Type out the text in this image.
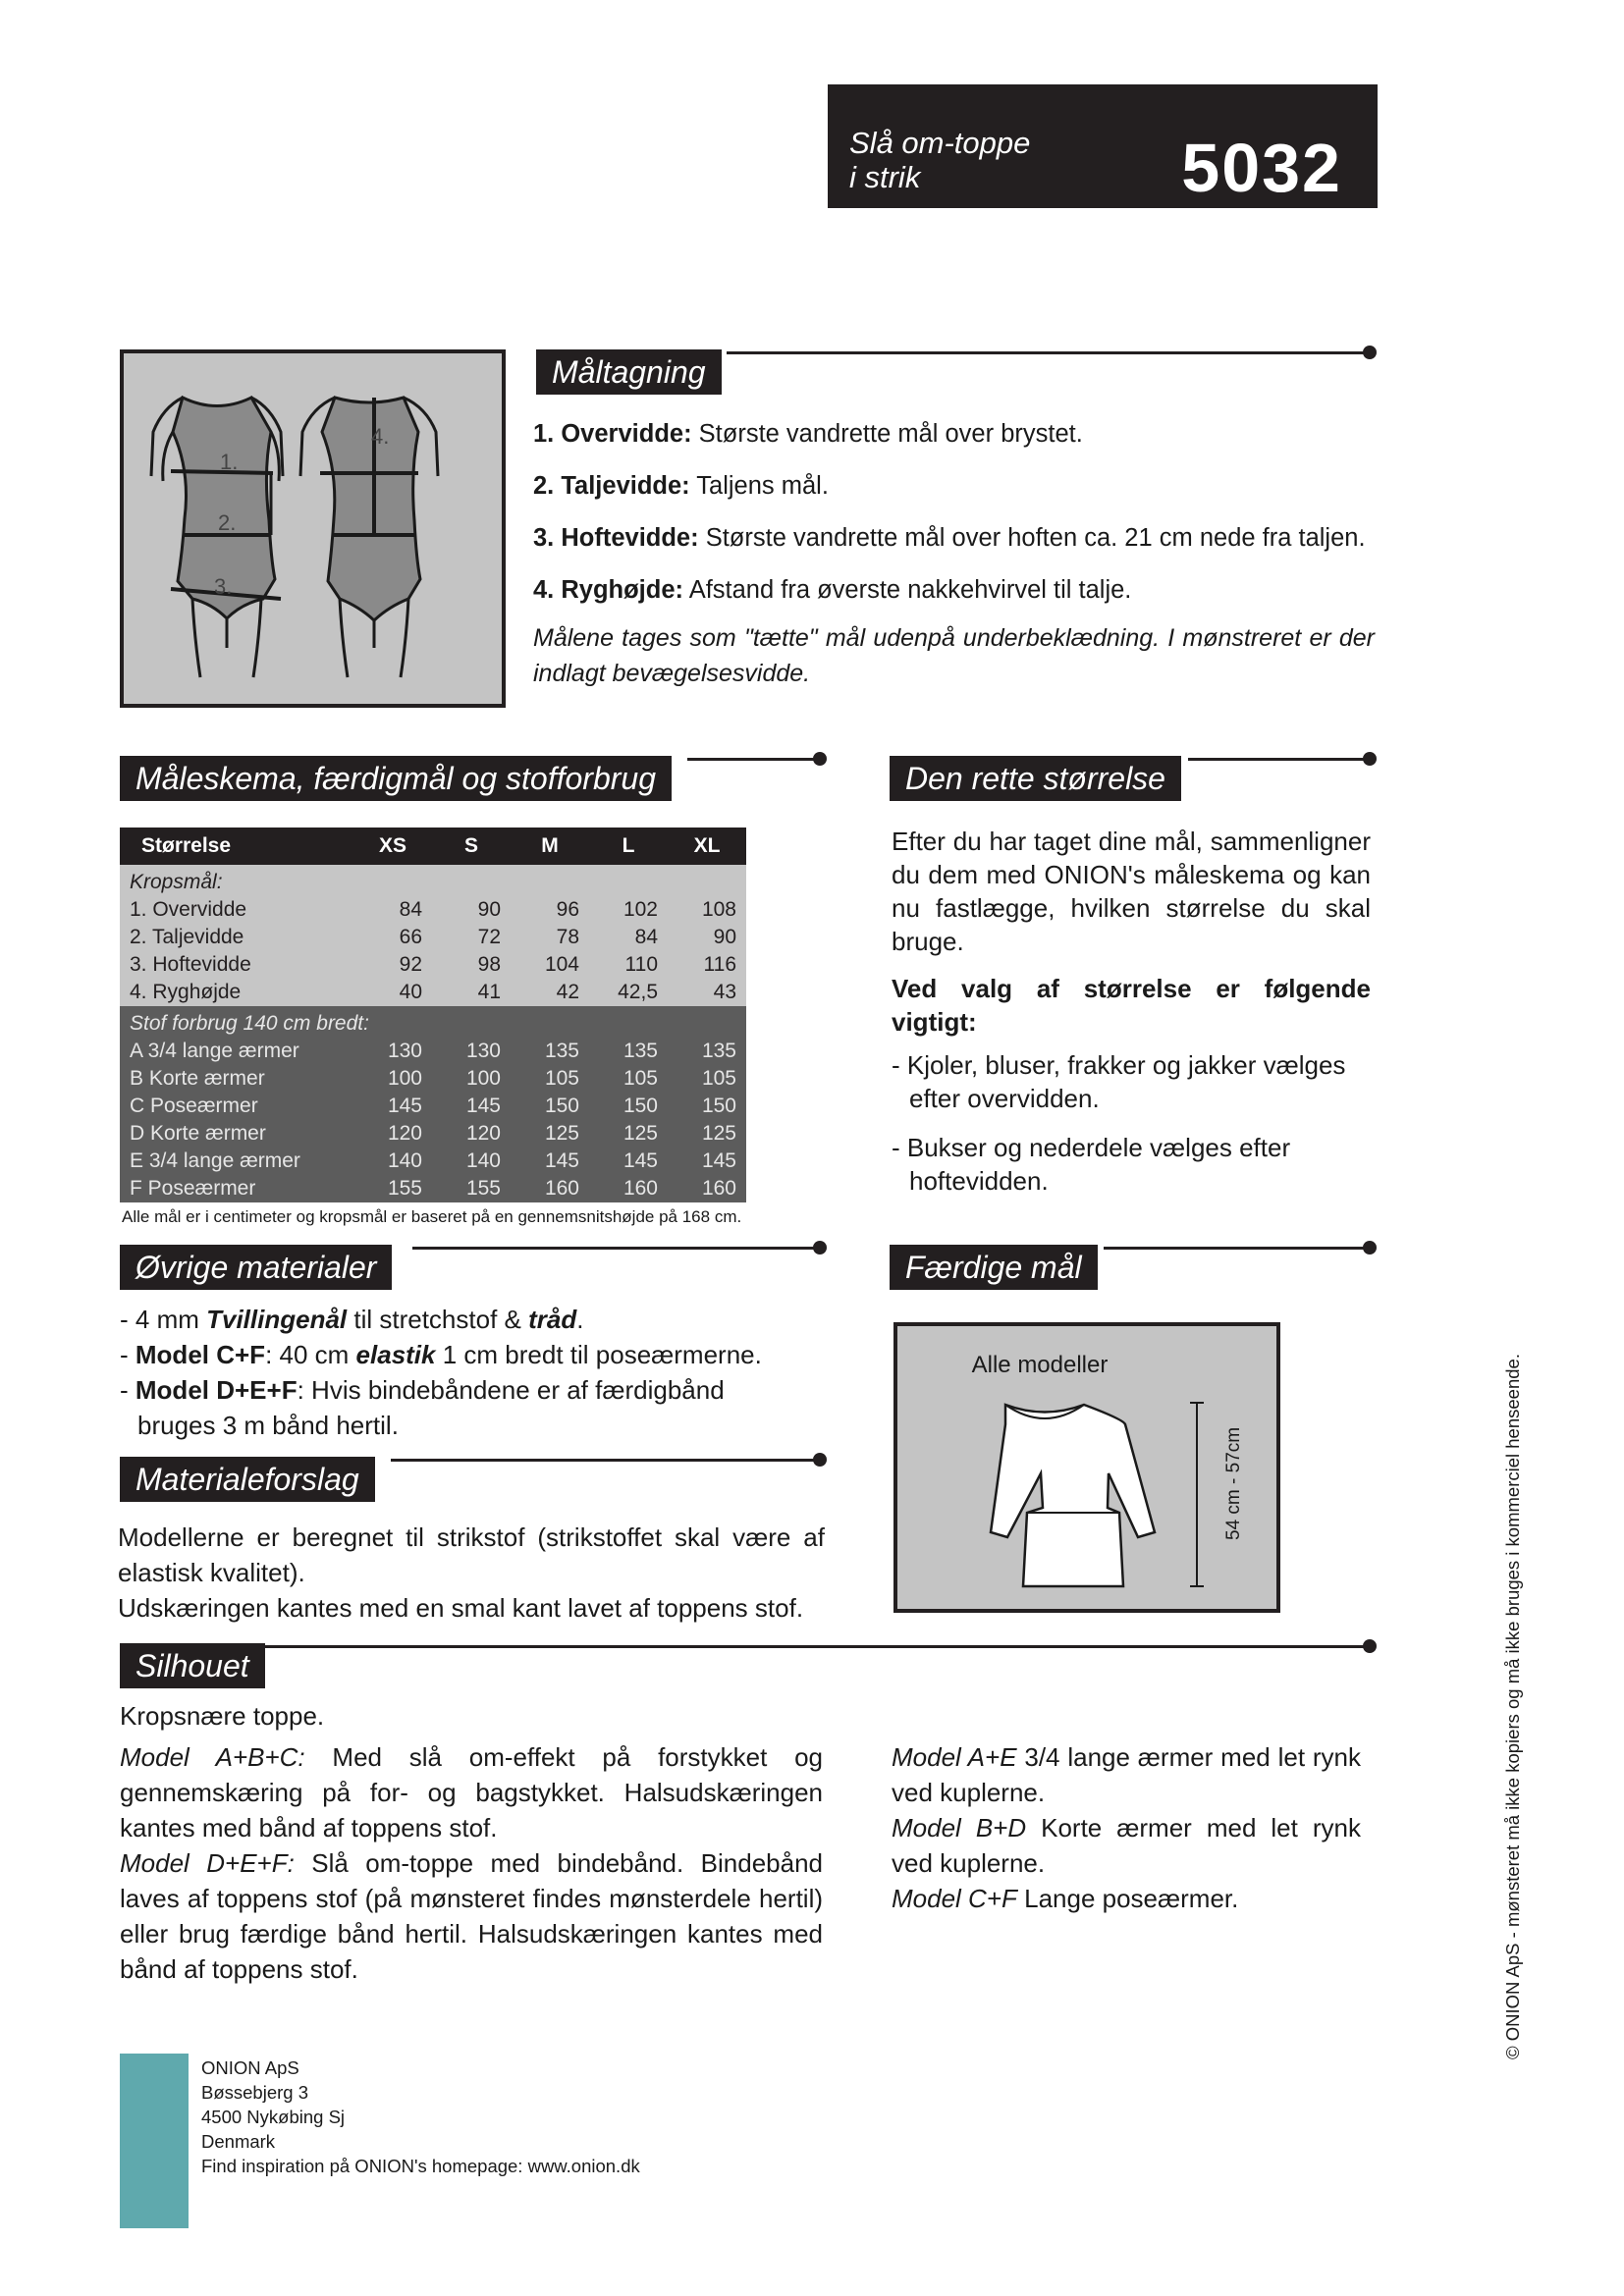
Slå om-toppe
i strik	5032
1.
2.
3.
4.
Måltagning

1. Overvidde: Største vandrette mål over brystet.

2. Taljevidde: Taljens mål.

3. Hoftevidde: Største vandrette mål over hoften ca. 21 cm nede fra taljen.

4. Ryghøjde: Afstand fra øverste nakkehvirvel til talje.

Målene tages som "tætte" mål udenpå underbeklædning. I mønstreret er der indlagt bevægelsesvidde.
Måleskema, færdigmål og stofforbrug
Størrelse	XS	S	M	L	XL
Kropsmål:					
1. Overvidde	84	90	96	102	108
2. Taljevidde	66	72	78	84	90
3. Hoftevidde	92	98	104	110	116
4. Ryghøjde	40	41	42	42,5	43
Stof forbrug 140 cm bredt:					
A 3/4 lange ærmer	130	130	135	135	135
B Korte ærmer	100	100	105	105	105
C Poseærmer	145	145	150	150	150
D Korte ærmer	120	120	125	125	125
E 3/4 lange ærmer	140	140	145	145	145
F Poseærmer	155	155	160	160	160
Alle mål er i centimeter og kropsmål er baseret på en gennemsnitshøjde på 168 cm.
Den rette størrelse
Efter du har taget dine mål, sammenligner du dem med ONION's måleskema og kan nu fastlægge, hvilken størrelse du skal bruge.
Ved valg af størrelse er følgende vigtigt:
- Kjoler, bluser, frakker og jakker vælges efter overvidden.
- Bukser og nederdele vælges efter hoftevidden.
Øvrige materialer
- 4 mm Tvillingenål til stretchstof & tråd.
- Model C+F: 40 cm elastik 1 cm bredt til poseærmerne.
- Model D+E+F: Hvis bindebåndene er af færdigbånd
bruges 3 m bånd hertil.
Færdige mål
Alle modeller
54 cm - 57cm
Materialeforslag
Modellerne er beregnet til strikstof (strikstoffet skal være af elastisk kvalitet).
Udskæringen kantes med en smal kant lavet af toppens stof.
Silhouet
Kropsnære toppe.
Model A+B+C: Med slå om-effekt på forstykket og gennemskæring på for- og bagstykket. Halsudskæringen kantes med bånd af toppens stof.
Model D+E+F: Slå om-toppe med bindebånd. Bindebånd laves af toppens stof (på mønsteret findes mønsterdele hertil) eller brug færdige bånd hertil. Halsudskæringen kantes med bånd af toppens stof.
Model A+E 3/4 lange ærmer med let rynk ved kuplerne.
Model B+D Korte ærmer med let rynk ved kuplerne.
Model C+F Lange poseærmer.
ONION ApS
Bøssebjerg 3
4500 Nykøbing Sj
Denmark
Find inspiration på ONION's homepage: www.onion.dk
© ONION ApS - mønsteret må ikke kopiers og må ikke bruges i kommerciel henseende.
